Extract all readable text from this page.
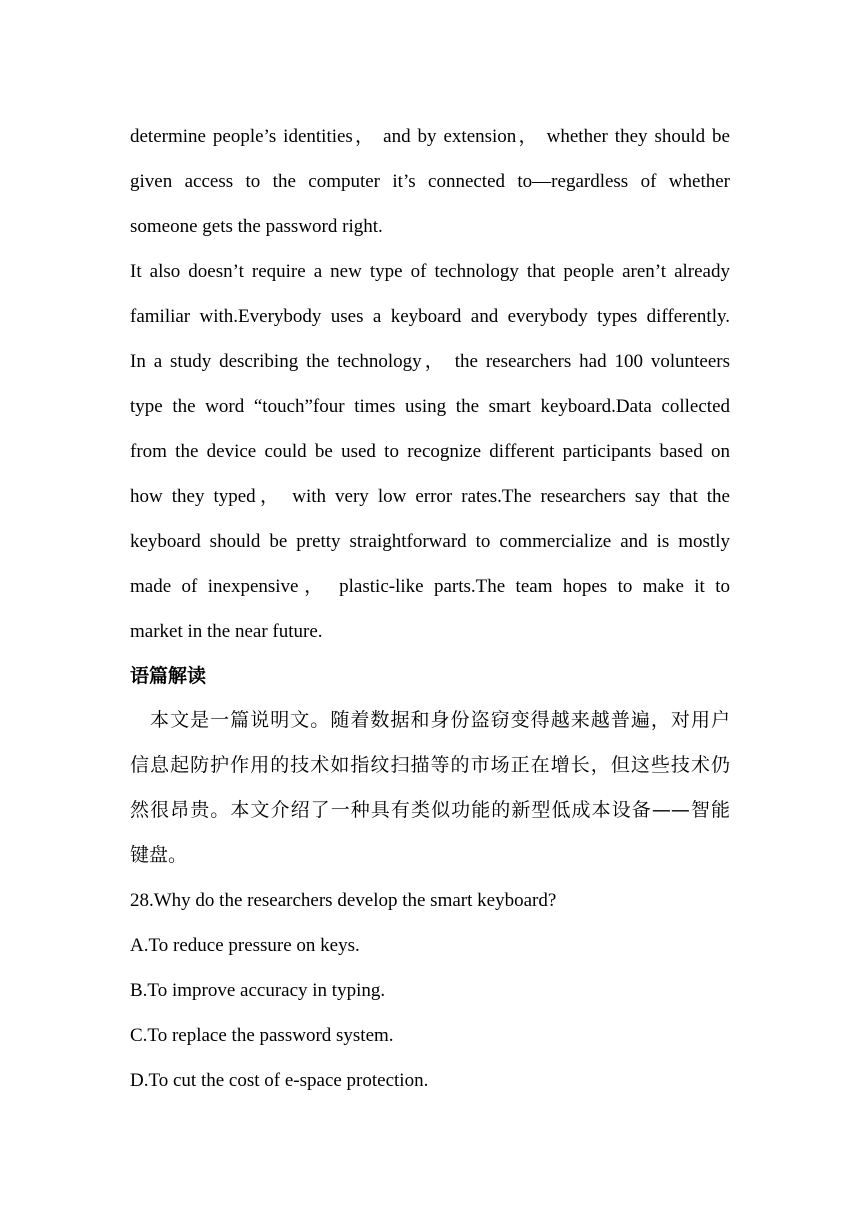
determine people’s identities， and by extension， whether they should be
given access to the computer it’s connected to—regardless of whether
someone gets the password right.

It also doesn’t require a new type of technology that people aren’t already
familiar with.Everybody uses a keyboard and everybody types differently.
In a study describing the technology， the researchers had 100 volunteers
type the word “touch”four times using the smart keyboard.Data collected
from the device could be used to recognize different participants based on
how they typed， with very low error rates.The researchers say that the
keyboard should be pretty straightforward to commercialize and is mostly
made of inexpensive， plastic-like parts.The team hopes to make it to
market in the near future.

语篇解读

　本文是一篇说明文。随着数据和身份盗窃变得越来越普遍，对用户
信息起防护作用的技术如指纹扫描等的市场正在增长，但这些技术仍
然很昂贵。本文介绍了一种具有类似功能的新型低成本设备——智能
键盘。

28.Why do the researchers develop the smart keyboard?

A.To reduce pressure on keys.

B.To improve accuracy in typing.

C.To replace the password system.

D.To cut the cost of e-space protection.
